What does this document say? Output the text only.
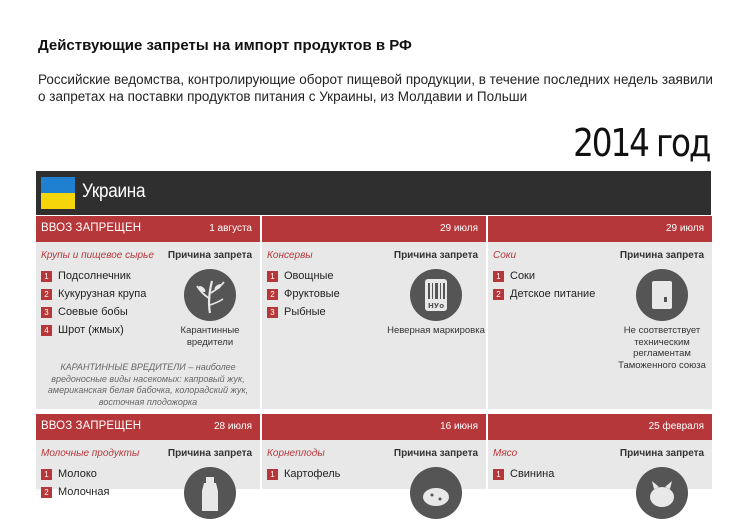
Действующие запреты на импорт продуктов в РФ
Российские ведомства, контролирующие оборот пищевой продукции, в течение последних недель заявили о запретах на поставки продуктов питания с Украины, из Молдавии и Польши
2014 год
Украина
ВВОЗ ЗАПРЕЩЕН	1 августа
Крупы и пищевое сырье	Причина запрета
1 Подсолнечник
2 Кукурузная крупа
3 Соевые бобы
4 Шрот (жмых)	Карантинные вредители
КАРАНТИННЫЕ ВРЕДИТЕЛИ – наиболее вредоносные виды насекомых: капровый жук, американская белая бабочка, колорадский жук, восточная плодожорка
29 июля
Консервы	Причина запрета
1 Овощные
2 Фруктовые
3 Рыбные	НУо
Неверная маркировка
29 июля
Соки	Причина запрета
1 Соки
2 Детское питание
Не соответствует техническим регламентам Таможенного союза
ВВОЗ ЗАПРЕЩЕН	28 июля
Молочные продукты	Причина запрета
1 Молоко
2 Молочная
16 июня
Корнеплоды	Причина запрета
1 Картофель
25 февраля
Мясо	Причина запрета
1 Свинина
